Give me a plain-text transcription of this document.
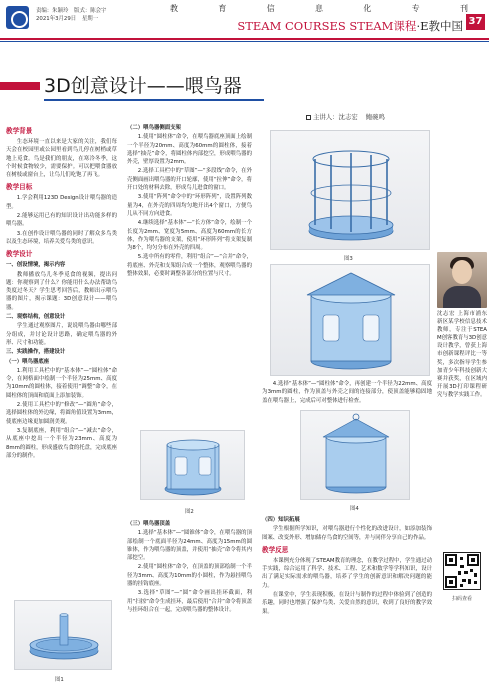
责编：朱颖玲 版式：陈会宇
2021年3月29日 星期一
教	育	信	息	化	专	刊
STEAM COURSES STEAM课程·E教中国 37
3D创意设计——喂鸟器
主讲人：沈志宏 鲍碗鸣
教学背景

生态环境一直以来是大家的关注，我们每天会在校园里或公园里看到鸟儿停在树梢或草地上觅食。鸟是我们的朋友，在寒冷冬季，这个时候食物较少，需要保护。可以把喂食器放在树枝或窗台上，让鸟儿们吃饱了再飞。

教学目标

1.学会利用123D Design设计喂鸟器的造型。

2.能够运用已有的知识设计出功能多样的喂鸟器。

3.在创作设计喂鸟器的同时了解众多鸟类以及生态环境，培养关爱鸟类的意识。

教学设计

一、创设情境，揭示内容

教师播放鸟儿冬季觅食的视频，提出问题：你观察到了什么？你能用什么办法帮助鸟类度过冬天？学生思考回答后，教师出示喂鸟器的图片，揭示课题：3D创意设计——喂鸟器。

二、观察结构，创意设计

学生通过观察图片，说说喂鸟器由哪些部分组成，并讨论设计思路，确定喂鸟器的外形、尺寸和功能。

三、实践操作，搭建设计

（一）喂鸟器底座

1.利用工具栏中的“基本体”—“圆柱体”命令，在网格面中绘制一个半径为25mm、高度为10mm的圆柱体，接着使用“调整”命令，在圆柱体的顶面和底面上添加装饰。

2.使用工具栏中的“修改”—“圆角”命令，选择圆柱体的外边缘，将圆角值设置为3mm，使底座边缘更加圆润美观。

3.复制底座，利用“组合”—“减去”命令，从底座中挖出一个半径为23mm、高度为8mm的圆柱，形成盛放鸟食的托盘，完成底座部分的制作。

图1

（二）喂鸟器侧面支架

1.使用“圆柱体”命令，在喂鸟器底座顶面上绘制一个半径为20mm、高度为60mm的圆柱体，接着选择“抽壳”命令，将圆柱体内部挖空，形成喂鸟器的外壳，壁厚设置为2mm。

2.选择工具栏中的“草图”—“多段线”命令，在外壳侧面画出喂鸟器的开口轮廓，使用“拉伸”命令，将开口处的材料去除，形成鸟儿进食的窗口。

3.使用“阵列”命令中的“环形阵列”，设置阵列数量为4，在外壳的四周均匀地开出4个窗口，方便鸟儿从不同方向进食。

4.继续选择“基本体”—“长方体”命令，绘制一个长度为2mm、宽度为5mm、高度为60mm的长方体，作为喂鸟器的支架，使用“环形阵列”将支架复制为8个，均匀分布在外壳的四周。

5.选中所有的零件，利用“组合”—“合并”命令，将底座、外壳和支架组合成一个整体，观察喂鸟器的整体效果，必要时调整各部分的位置与尺寸。

图2

（三）喂鸟器顶盖

1.选择“基本体”—“圆锥体”命令，在喂鸟器的顶部绘制一个底面半径为24mm、高度为15mm的圆锥体，作为喂鸟器的顶盖，并使用“抽壳”命令将其内部挖空。

2.使用“圆柱体”命令，在顶盖的顶部绘制一个半径为3mm、高度为10mm的小圆柱，作为悬挂喂鸟器的挂钩底座。

3.选择“草图”—“圆”命令画出挂环截面，利用“扫掠”命令生成挂环，最后使用“合并”命令将顶盖与挂环组合在一起，完成喂鸟器的整体设计。

图3

4.选择“基本体”—“圆柱体”命令，再创建一个半径为22mm、高度为3mm的圆柱，作为顶盖与外壳之间的连接部分，使顶盖能够稳固地盖在喂鸟器上，完成后可对整体进行检查。

图4

（四）知识拓展

学生根据所学知识，对喂鸟器进行个性化的改进设计，如添加装饰图案、改变外形、增加储存鸟食的空间等，并与同伴分享自己的作品。

教学反思

本课例充分体现了STEAM教育的理念，在教学过程中，学生通过动手实践，综合运用了科学、技术、工程、艺术和数学等学科知识，设计出了满足实际需求的喂鸟器，培养了学生的创新意识和解决问题的能力。

在课堂中，学生表现积极，在设计与制作的过程中体验到了创造的乐趣，同时也增强了保护鸟类、关爱自然的意识，收到了良好的教学效果。

沈志宏 上海市浦东新区某学校信息技术教师，专注于STEAM创客教育与3D创意设计教学，曾获上海市创新课程评比一等奖，多次指导学生参加青少年科技创新大赛并获奖，在区域内开展3D打印课程研究与教学实践工作。
扫码查看
